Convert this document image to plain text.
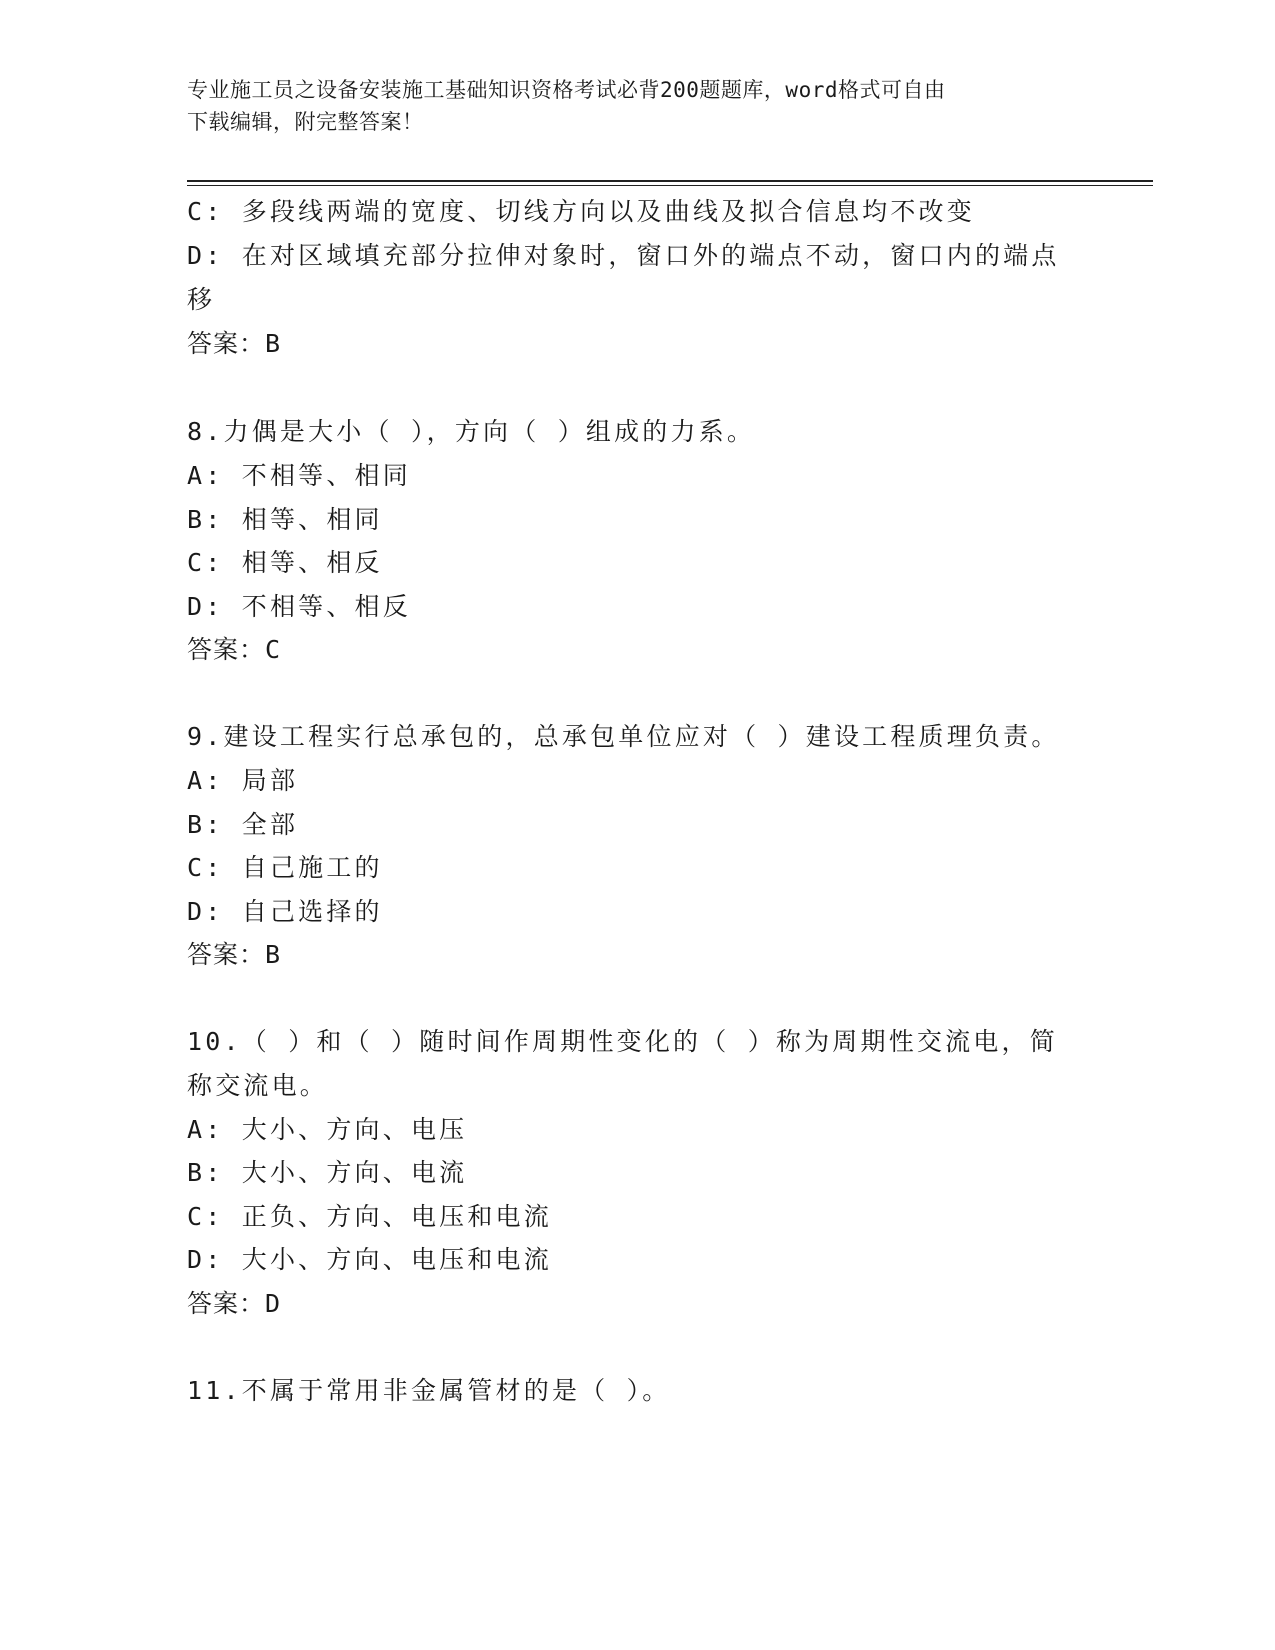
专业施工员之设备安装施工基础知识资格考试必背200题题库，word格式可自由
下载编辑，附完整答案！
C: 多段线两端的宽度、切线方向以及曲线及拟合信息均不改变
D: 在对区域填充部分拉伸对象时，窗口外的端点不动，窗口内的端点
移
答案：B
8.力偶是大小（ ），方向（ ）组成的力系。
A: 不相等、相同
B: 相等、相同
C: 相等、相反
D: 不相等、相反
答案：C
9.建设工程实行总承包的，总承包单位应对（ ）建设工程质理负责。
A: 局部
B: 全部
C: 自己施工的
D: 自己选择的
答案：B
10.（ ）和（ ）随时间作周期性变化的（ ）称为周期性交流电，简
称交流电。
A: 大小、方向、电压
B: 大小、方向、电流
C: 正负、方向、电压和电流
D: 大小、方向、电压和电流
答案：D
11.不属于常用非金属管材的是（ ）。
